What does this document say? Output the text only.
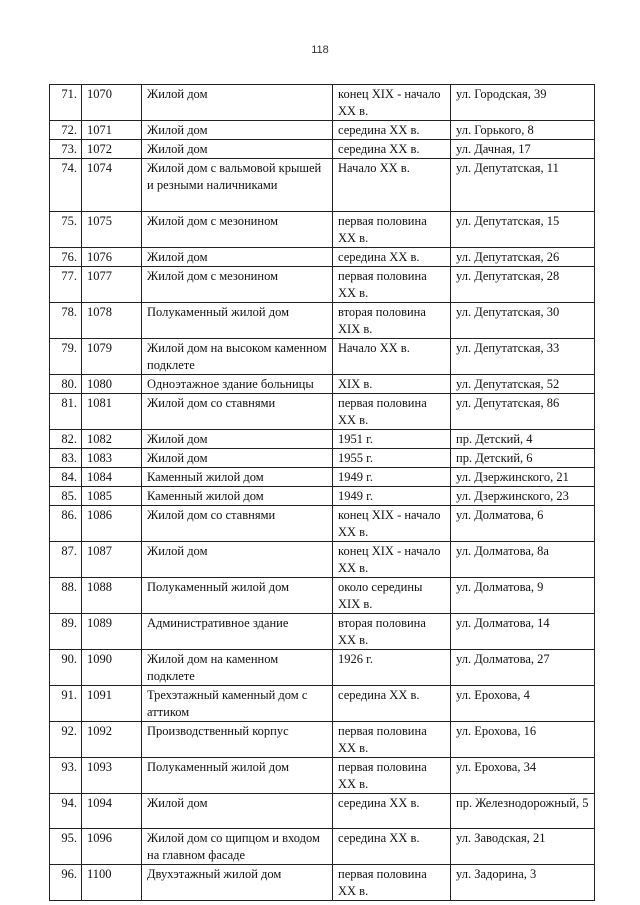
118
71.	1070	Жилой дом	конец XIX - начало XX в.	ул. Городская, 39
72.	1071	Жилой дом	середина XX в.	ул. Горького, 8
73.	1072	Жилой дом	середина XX в.	ул. Дачная, 17
74.	1074	Жилой дом с вальмовой крышей и резными наличниками	Начало XX в.	ул. Депутатская, 11
75.	1075	Жилой дом с мезонином	первая половина XX в.	ул. Депутатская, 15
76.	1076	Жилой дом	середина XX в.	ул. Депутатская, 26
77.	1077	Жилой дом с мезонином	первая половина XX в.	ул. Депутатская, 28
78.	1078	Полукаменный жилой дом	вторая половина XIX в.	ул. Депутатская, 30
79.	1079	Жилой дом на высоком каменном подклете	Начало XX в.	ул. Депутатская, 33
80.	1080	Одноэтажное здание больницы	XIX в.	ул. Депутатская, 52
81.	1081	Жилой дом со ставнями	первая половина XX в.	ул. Депутатская, 86
82.	1082	Жилой дом	1951 г.	пр. Детский, 4
83.	1083	Жилой дом	1955 г.	пр. Детский, 6
84.	1084	Каменный жилой дом	1949 г.	ул. Дзержинского, 21
85.	1085	Каменный жилой дом	1949 г.	ул. Дзержинского, 23
86.	1086	Жилой дом со ставнями	конец XIX - начало XX в.	ул. Долматова, 6
87.	1087	Жилой дом	конец XIX - начало XX в.	ул. Долматова, 8а
88.	1088	Полукаменный жилой дом	около середины XIX в.	ул. Долматова, 9
89.	1089	Административное здание	вторая половина XX в.	ул. Долматова, 14
90.	1090	Жилой дом на каменном подклете	1926 г.	ул. Долматова, 27
91.	1091	Трехэтажный каменный дом с аттиком	середина XX в.	ул. Ерохова, 4
92.	1092	Производственный корпус	первая половина XX в.	ул. Ерохова, 16
93.	1093	Полукаменный жилой дом	первая половина XX в.	ул. Ерохова, 34
94.	1094	Жилой дом	середина XX в.	пр. Железнодорожный, 5
95.	1096	Жилой дом со щипцом и входом на главном фасаде	середина XX в.	ул. Заводская, 21
96.	1100	Двухэтажный жилой дом	первая половина XX в.	ул. Задорина, 3
